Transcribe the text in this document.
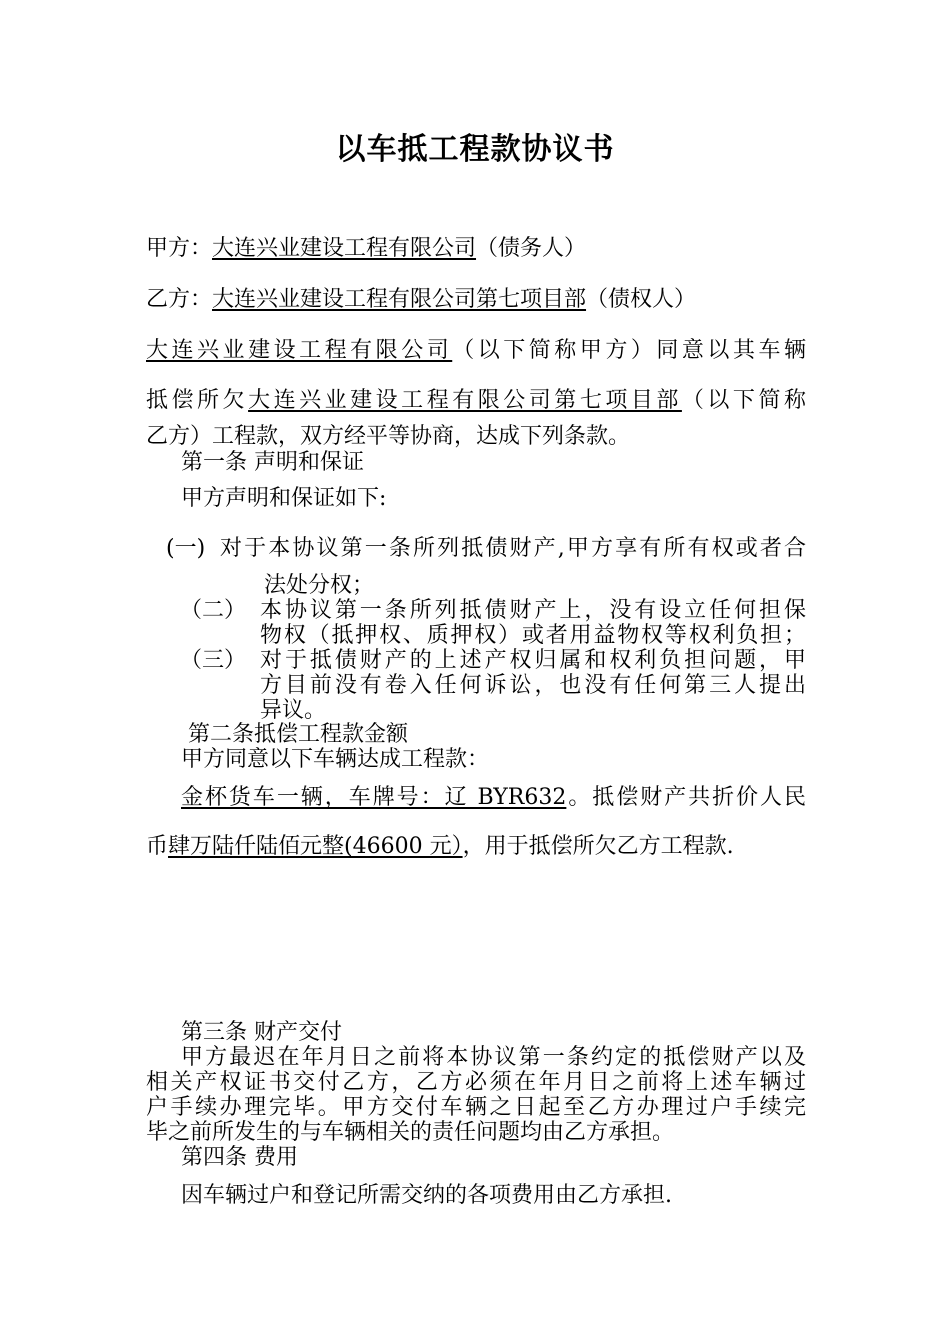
以车抵工程款协议书
甲方：大连兴业建设工程有限公司（债务人）
乙方：大连兴业建设工程有限公司第七项目部（债权人）
大连兴业建设工程有限公司（以下简称甲方）同意以其车辆
抵偿所欠大连兴业建设工程有限公司第七项目部（以下简称
乙方）工程款，双方经平等协商，达成下列条款。
第一条 声明和保证
甲方声明和保证如下:
(一) 对于本协议第一条所列抵债财产,甲方享有所有权或者合
法处分权；
（二） 本协议第一条所列抵债财产上，没有设立任何担保
物权（抵押权、质押权）或者用益物权等权利负担；
（三） 对于抵债财产的上述产权归属和权利负担问题，甲
方目前没有卷入任何诉讼，也没有任何第三人提出
异议。
第二条抵偿工程款金额
甲方同意以下车辆达成工程款：
金杯货车一辆，车牌号：辽 BYR632。抵偿财产共折价人民
币肆万陆仟陆佰元整(46600 元），用于抵偿所欠乙方工程款.
第三条 财产交付
甲方最迟在年月日之前将本协议第一条约定的抵偿财产以及
相关产权证书交付乙方，乙方必须在年月日之前将上述车辆过
户手续办理完毕。甲方交付车辆之日起至乙方办理过户手续完
毕之前所发生的与车辆相关的责任问题均由乙方承担。
第四条 费用
因车辆过户和登记所需交纳的各项费用由乙方承担.
